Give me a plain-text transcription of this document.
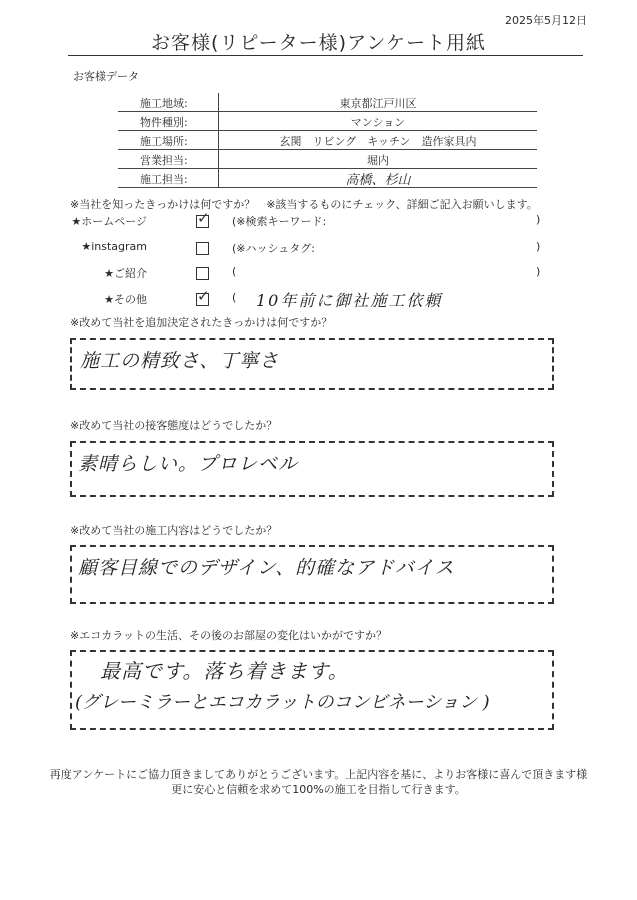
2025年5月12日
お客様(リピーター様)アンケート用紙
お客様データ
施工地域:	東京都江戸川区
物件種別:	マンション
施工場所:	玄関　リビング　キッチン　造作家具内
営業担当:	堀内
施工担当:	高橋、杉山
※当社を知ったきっかけは何ですか？　※該当するものにチェック、詳細ご記入お願いします。
★ホームページ	✓ (※検索キーワード:	)
★instagram	(※ハッシュタグ:	)
★ご紹介	(	)
★その他	✓ ( 10年前に御社施工依頼
※改めて当社を追加決定されたきっかけは何ですか？
施工の精致さ、丁寧さ
※改めて当社の接客態度はどうでしたか？
素晴らしい。プロレベル
※改めて当社の施工内容はどうでしたか？
顧客目線でのデザイン、的確なアドバイス
※エコカラットの生活、その後のお部屋の変化はいかがですか？
最高です。落ち着きます。
(グレーミラーとエコカラットのコンビネーション )
再度アンケートにご協力頂きましてありがとうございます。上記内容を基に、よりお客様に喜んで頂きます様
更に安心と信頼を求めて100%の施工を目指して行きます。
